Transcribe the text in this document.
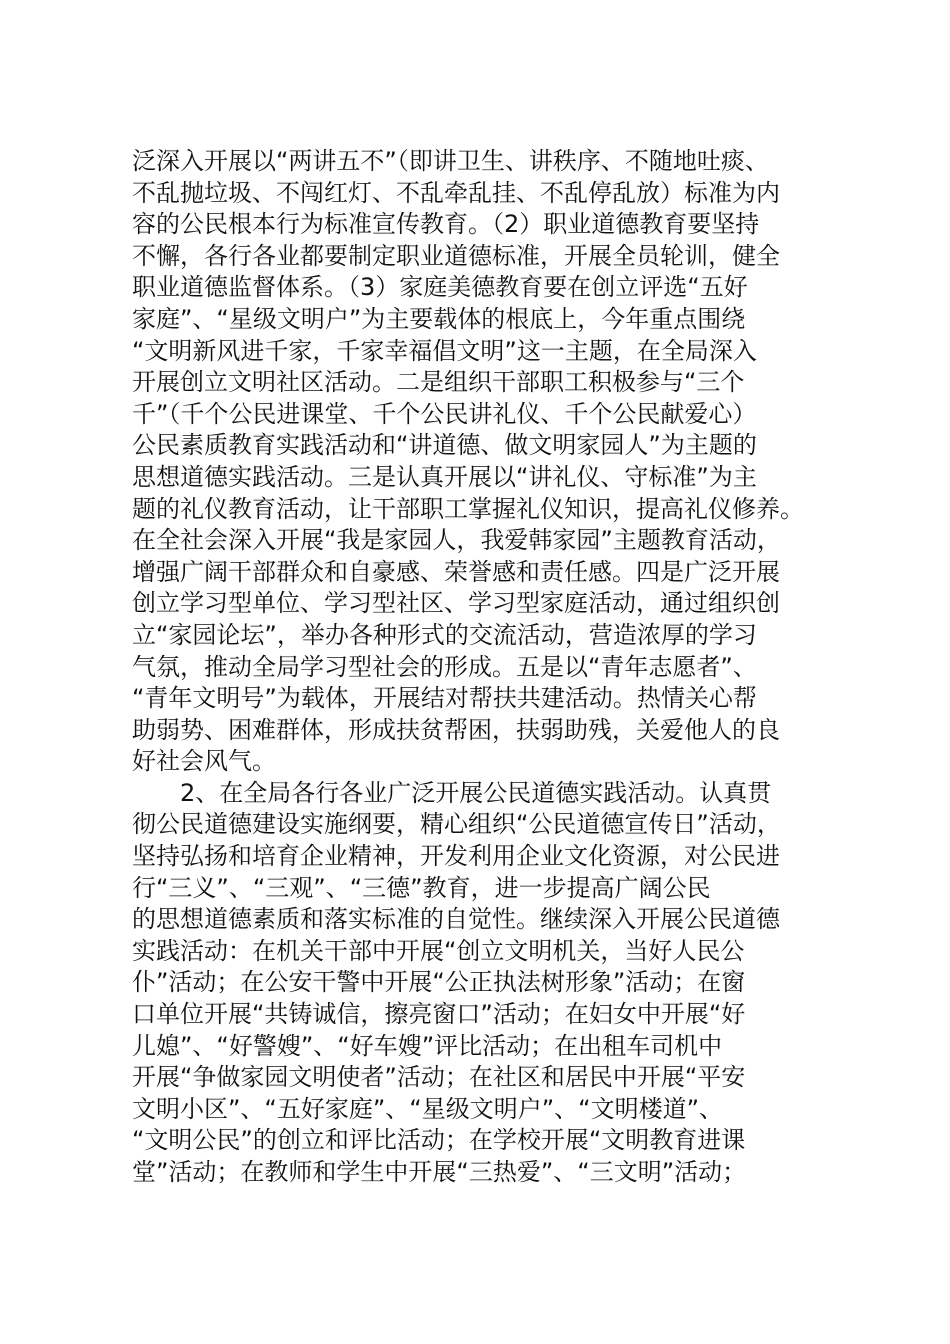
泛深入开展以“两讲五不”（即讲卫生、讲秩序、不随地吐痰、
不乱抛垃圾、不闯红灯、不乱牵乱挂、不乱停乱放）标准为内
容的公民根本行为标准宣传教育。（2）职业道德教育要坚持
不懈，各行各业都要制定职业道德标准，开展全员轮训，健全
职业道德监督体系。（3）家庭美德教育要在创立评选“五好
家庭”、“星级文明户”为主要载体的根底上，今年重点围绕
“文明新风进千家，千家幸福倡文明”这一主题，在全局深入
开展创立文明社区活动。二是组织干部职工积极参与“三个
千”（千个公民进课堂、千个公民讲礼仪、千个公民献爱心）
公民素质教育实践活动和“讲道德、做文明家园人”为主题的
思想道德实践活动。三是认真开展以“讲礼仪、守标准”为主
题的礼仪教育活动，让干部职工掌握礼仪知识，提高礼仪修养。
在全社会深入开展“我是家园人，我爱韩家园”主题教育活动，
增强广阔干部群众和自豪感、荣誉感和责任感。四是广泛开展
创立学习型单位、学习型社区、学习型家庭活动，通过组织创
立“家园论坛”，举办各种形式的交流活动，营造浓厚的学习
气氛，推动全局学习型社会的形成。五是以“青年志愿者”、
“青年文明号”为载体，开展结对帮扶共建活动。热情关心帮
助弱势、困难群体，形成扶贫帮困，扶弱助残，关爱他人的良
好社会风气。
　　2、在全局各行各业广泛开展公民道德实践活动。认真贯
彻公民道德建设实施纲要，精心组织“公民道德宣传日”活动，
坚持弘扬和培育企业精神，开发利用企业文化资源，对公民进
行“三义”、“三观”、“三德”教育，进一步提高广阔公民
的思想道德素质和落实标准的自觉性。继续深入开展公民道德
实践活动：在机关干部中开展“创立文明机关，当好人民公
仆”活动；在公安干警中开展“公正执法树形象”活动；在窗
口单位开展“共铸诚信，擦亮窗口”活动；在妇女中开展“好
儿媳”、“好警嫂”、“好车嫂”评比活动；在出租车司机中
开展“争做家园文明使者”活动；在社区和居民中开展“平安
文明小区”、“五好家庭”、“星级文明户”、“文明楼道”、
“文明公民”的创立和评比活动；在学校开展“文明教育进课
堂”活动；在教师和学生中开展“三热爱”、“三文明”活动；
